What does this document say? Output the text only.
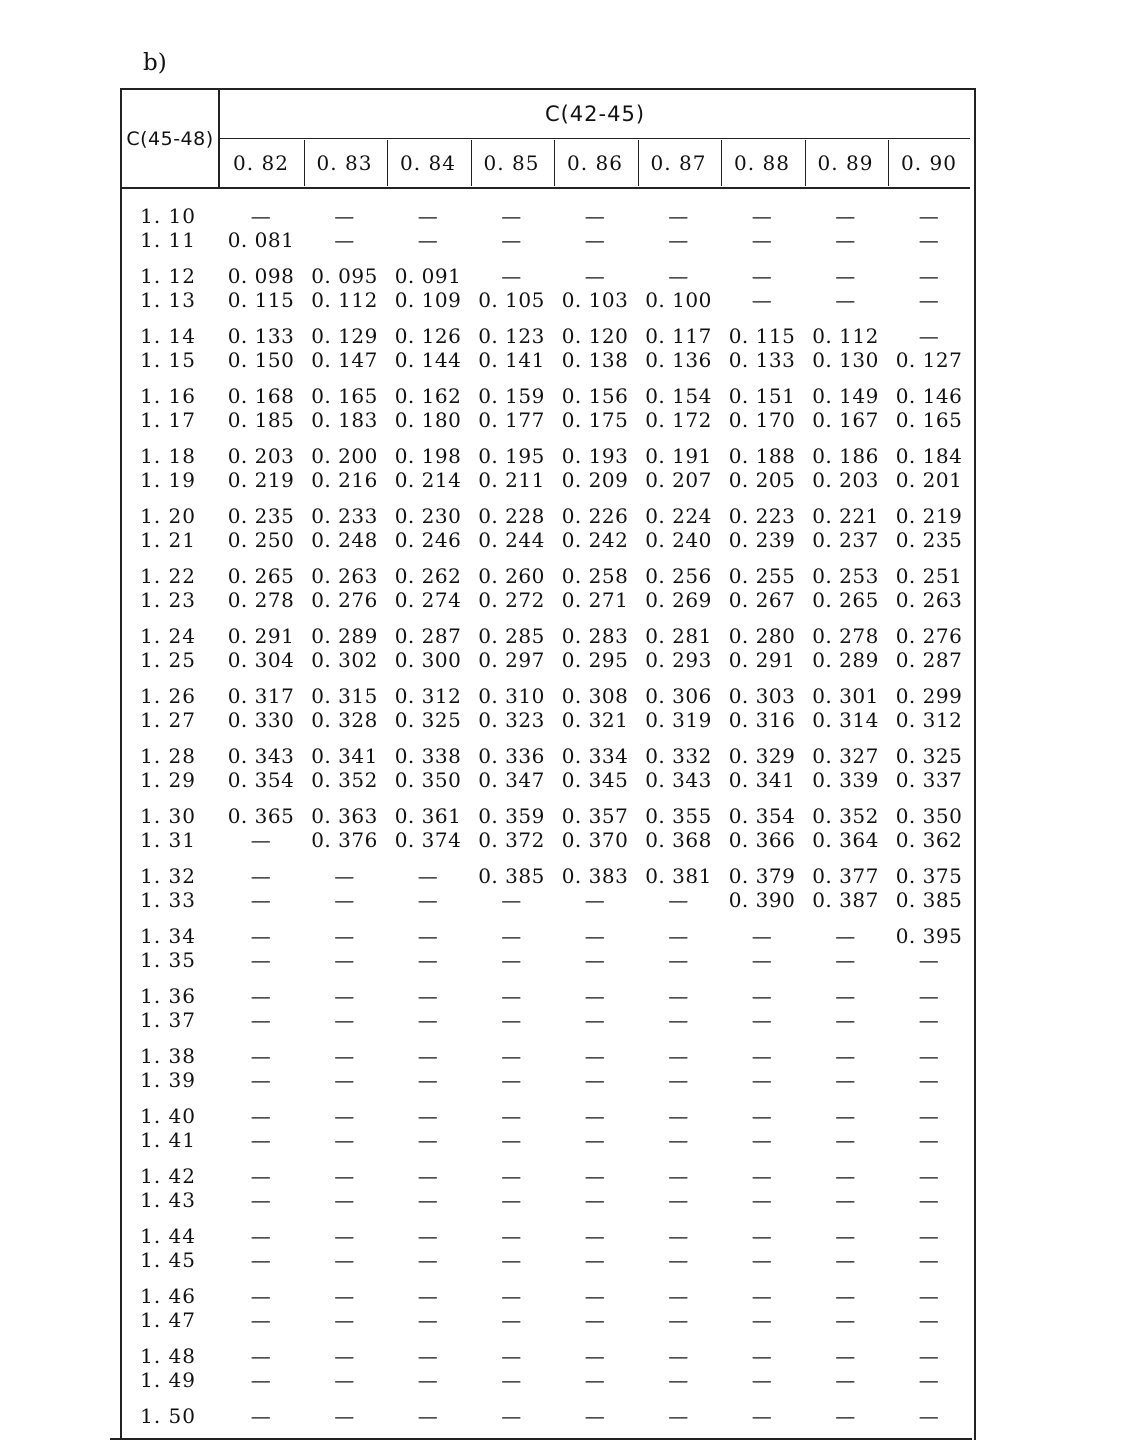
b)
C(45-48)
C(42-45)
0. 82	0. 83	0. 84	0. 85	0. 86	0. 87	0. 88	0. 89	0. 90
1. 10	—	—	—	—	—	—	—	—	—
1. 11	0. 081	—	—	—	—	—	—	—	—
1. 12	0. 098 0. 095 0. 091	—	—	—	—	—	—
1. 13	0. 115 0. 112 0. 109 0. 105 0. 103 0. 100	—	—	—
1. 14	0. 133 0. 129 0. 126 0. 123 0. 120 0. 117 0. 115 0. 112	—
1. 15	0. 150 0. 147 0. 144 0. 141 0. 138 0. 136 0. 133 0. 130 0. 127
1. 16	0. 168 0. 165 0. 162 0. 159 0. 156 0. 154 0. 151 0. 149 0. 146
1. 17	0. 185 0. 183 0. 180 0. 177 0. 175 0. 172 0. 170 0. 167 0. 165
1. 18	0. 203 0. 200 0. 198 0. 195 0. 193 0. 191 0. 188 0. 186 0. 184
1. 19	0. 219 0. 216 0. 214 0. 211 0. 209 0. 207 0. 205 0. 203 0. 201
1. 20	0. 235 0. 233 0. 230 0. 228 0. 226 0. 224 0. 223 0. 221 0. 219
1. 21	0. 250 0. 248 0. 246 0. 244 0. 242 0. 240 0. 239 0. 237 0. 235
1. 22	0. 265 0. 263 0. 262 0. 260 0. 258 0. 256 0. 255 0. 253 0. 251
1. 23	0. 278 0. 276 0. 274 0. 272 0. 271 0. 269 0. 267 0. 265 0. 263
1. 24	0. 291 0. 289 0. 287 0. 285 0. 283 0. 281 0. 280 0. 278 0. 276
1. 25	0. 304 0. 302 0. 300 0. 297 0. 295 0. 293 0. 291 0. 289 0. 287
1. 26	0. 317 0. 315 0. 312 0. 310 0. 308 0. 306 0. 303 0. 301 0. 299
1. 27	0. 330 0. 328 0. 325 0. 323 0. 321 0. 319 0. 316 0. 314 0. 312
1. 28	0. 343 0. 341 0. 338 0. 336 0. 334 0. 332 0. 329 0. 327 0. 325
1. 29	0. 354 0. 352 0. 350 0. 347 0. 345 0. 343 0. 341 0. 339 0. 337
1. 30	0. 365 0. 363 0. 361 0. 359 0. 357 0. 355 0. 354 0. 352 0. 350
1. 31	—	0. 376 0. 374 0. 372 0. 370 0. 368 0. 366 0. 364 0. 362
1. 32	—	—	—	0. 385 0. 383 0. 381 0. 379 0. 377 0. 375
1. 33	—	—	—	—	—	—	0. 390 0. 387 0. 385
1. 34	—	—	—	—	—	—	—	—	0. 395
1. 35	—	—	—	—	—	—	—	—	—
1. 36	—	—	—	—	—	—	—	—	—
1. 37	—	—	—	—	—	—	—	—	—
1. 38	—	—	—	—	—	—	—	—	—
1. 39	—	—	—	—	—	—	—	—	—
1. 40	—	—	—	—	—	—	—	—	—
1. 41	—	—	—	—	—	—	—	—	—
1. 42	—	—	—	—	—	—	—	—	—
1. 43	—	—	—	—	—	—	—	—	—
1. 44	—	—	—	—	—	—	—	—	—
1. 45	—	—	—	—	—	—	—	—	—
1. 46	—	—	—	—	—	—	—	—	—
1. 47	—	—	—	—	—	—	—	—	—
1. 48	—	—	—	—	—	—	—	—	—
1. 49	—	—	—	—	—	—	—	—	—
1. 50	—	—	—	—	—	—	—	—	—
